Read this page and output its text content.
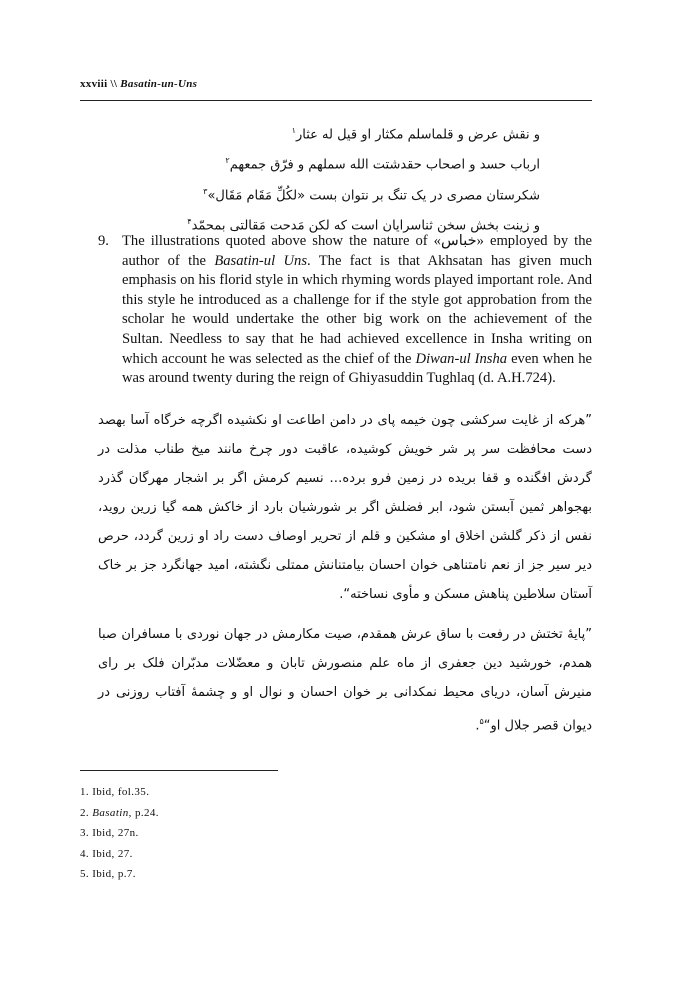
xxviii \\ Basatin-un-Uns
و نقش عرض و قلماسلم مکثار او قیل له عثار$^۱$
ارباب حسد و اصحاب حقدشتت الله سملهم و فرّق جمعهم$^۲$
شکرستان مصری در یک تنگ بر نتوان بست «لکُلِّ مَقَام مَقَال»$^۳$
و زینت بخش سخن ثناسرایان است که لکن مَدحت مَقالتی بمحمّد$^۴$
9. The illustrations quoted above show the nature of «خباس» employed by the author of the Basatin-ul Uns. The fact is that Akhsatan has given much emphasis on his florid style in which rhyming words played important role. And this style he introduced as a challenge for if the style got approbation from the scholar he would undertake the other big work on the achievement of the Sultan. Needless to say that he had achieved excellence in Insha writing on which account he was selected as the chief of the Diwan-ul Insha even when he was around twenty during the reign of Ghiyasuddin Tughlaq (d. A.H.724).
”هرکه از غایت سرکشی چون خیمه پای در دامن اطاعت او نکشیده اگرچه خرگاه آسا بهصد دست محافظت سر پر شر خویش کوشیده، عاقبت دور چرخ مانند میخ طناب مذلت در گردش افگنده و قفا بریده در زمین فرو برده… نسیم کرمش اگر بر اشجار مهرگان گذرد بهجواهر ثمین آبستن شود، ابر فضلش اگر بر شورشیان بارد از خاکش همه گیا زرین روید، نفس از ذکر گلشن اخلاق او مشکین و قلم از تحریر اوصاف دست راد او زرین گردد، حرص دیر سیر جز از نعم نامتناهی خوان احسان بیامتنانش ممتلی نگشته، امید جهانگرد جز بر خاک آستان سلاطین پناهش مسکن و مأوی نساخته“.
”پایهٔ تختش در رفعت با ساق عرش همقدم، صیت مکارمش در جهان نوردی با مسافران صبا همدم، خورشید دین جعفری از ماه علم منصورش تابان و معضّلات مدبّران فلک بر رای منیرش آسان، دریای محیط نمکدانی بر خوان احسان و نوال او و چشمهٔ آفتاب روزنی در دیوان قصر جلال او“$^۵$.
1. Ibid, fol.35.
2. Basatin, p.24.
3. Ibid, 27n.
4. Ibid, 27.
5. Ibid, p.7.
